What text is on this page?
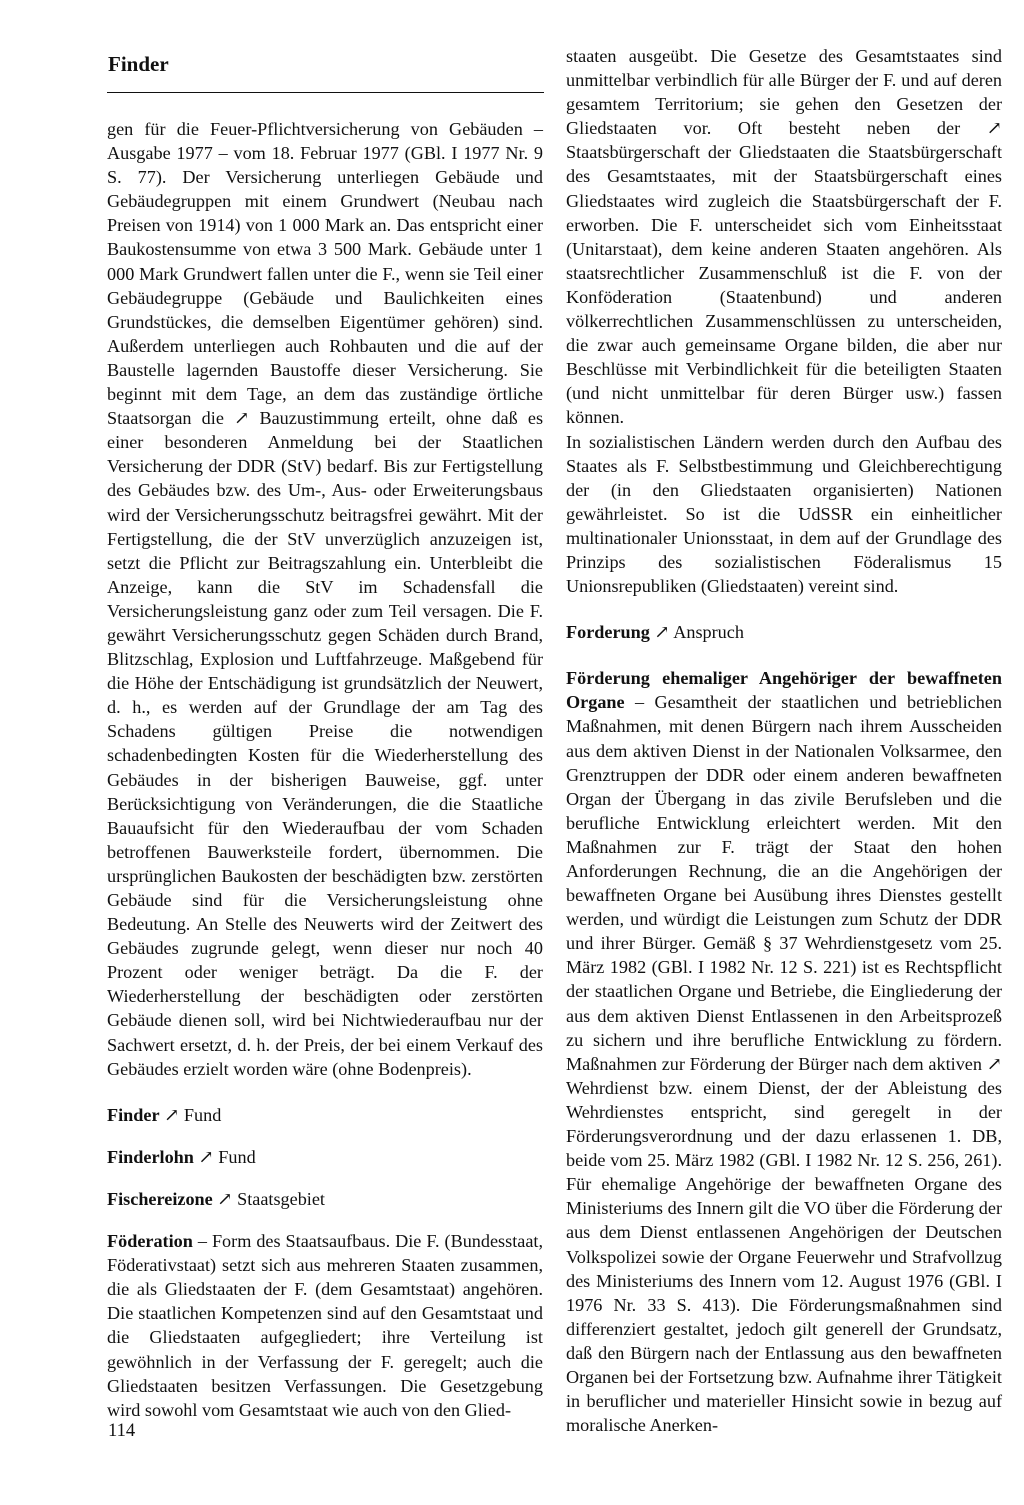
Finder

gen für die Feuer-Pflichtversicherung von Gebäuden – Ausgabe 1977 – vom 18. Februar 1977 (GBl. I 1977 Nr. 9 S. 77). Der Versicherung unterliegen Gebäude und Gebäudegruppen mit einem Grundwert (Neubau nach Preisen von 1914) von 1 000 Mark an. Das entspricht einer Baukostensumme von etwa 3 500 Mark. Gebäude unter 1 000 Mark Grundwert fallen unter die F., wenn sie Teil einer Gebäudegruppe (Gebäude und Baulichkeiten eines Grundstückes, die demselben Eigentümer gehören) sind. Außerdem unterliegen auch Rohbauten und die auf der Baustelle lagernden Baustoffe dieser Versicherung. Sie beginnt mit dem Tage, an dem das zuständige örtliche Staatsorgan die ↗ Bauzustimmung erteilt, ohne daß es einer besonderen Anmeldung bei der Staatlichen Versicherung der DDR (StV) bedarf. Bis zur Fertigstellung des Gebäudes bzw. des Um-, Aus- oder Erweiterungsbaus wird der Versicherungsschutz beitragsfrei gewährt. Mit der Fertigstellung, die der StV unverzüglich anzuzeigen ist, setzt die Pflicht zur Beitragszahlung ein. Unterbleibt die Anzeige, kann die StV im Schadensfall die Versicherungsleistung ganz oder zum Teil versagen. Die F. gewährt Versicherungsschutz gegen Schäden durch Brand, Blitzschlag, Explosion und Luftfahrzeuge. Maßgebend für die Höhe der Entschädigung ist grundsätzlich der Neuwert, d. h., es werden auf der Grundlage der am Tag des Schadens gültigen Preise die notwendigen schadenbedingten Kosten für die Wiederherstellung des Gebäudes in der bisherigen Bauweise, ggf. unter Berücksichtigung von Veränderungen, die die Staatliche Bauaufsicht für den Wiederaufbau der vom Schaden betroffenen Bauwerksteile fordert, übernommen. Die ursprünglichen Baukosten der beschädigten bzw. zerstörten Gebäude sind für die Versicherungsleistung ohne Bedeutung. An Stelle des Neuwerts wird der Zeitwert des Gebäudes zugrunde gelegt, wenn dieser nur noch 40 Prozent oder weniger beträgt. Da die F. der Wiederherstellung der beschädigten oder zerstörten Gebäude dienen soll, wird bei Nichtwiederaufbau nur der Sachwert ersetzt, d. h. der Preis, der bei einem Verkauf des Gebäudes erzielt worden wäre (ohne Bodenpreis).

Finder ↗ Fund

Finderlohn ↗ Fund

Fischereizone ↗ Staatsgebiet

Föderation – Form des Staatsaufbaus. Die F. (Bundesstaat, Föderativstaat) setzt sich aus mehreren Staaten zusammen, die als Gliedstaaten der F. (dem Gesamtstaat) angehören. Die staatlichen Kompetenzen sind auf den Gesamtstaat und die Gliedstaaten aufgegliedert; ihre Verteilung ist gewöhnlich in der Verfassung der F. geregelt; auch die Gliedstaaten besitzen Verfassungen. Die Gesetzgebung wird sowohl vom Gesamtstaat wie auch von den Glied-

staaten ausgeübt. Die Gesetze des Gesamtstaates sind unmittelbar verbindlich für alle Bürger der F. und auf deren gesamtem Territorium; sie gehen den Gesetzen der Gliedstaaten vor. Oft besteht neben der ↗ Staatsbürgerschaft der Gliedstaaten die Staatsbürgerschaft des Gesamtstaates, mit der Staatsbürgerschaft eines Gliedstaates wird zugleich die Staatsbürgerschaft der F. erworben. Die F. unterscheidet sich vom Einheitsstaat (Unitarstaat), dem keine anderen Staaten angehören. Als staatsrechtlicher Zusammenschluß ist die F. von der Konföderation (Staatenbund) und anderen völkerrechtlichen Zusammenschlüssen zu unterscheiden, die zwar auch gemeinsame Organe bilden, die aber nur Beschlüsse mit Verbindlichkeit für die beteiligten Staaten (und nicht unmittelbar für deren Bürger usw.) fassen können.

In sozialistischen Ländern werden durch den Aufbau des Staates als F. Selbstbestimmung und Gleichberechtigung der (in den Gliedstaaten organisierten) Nationen gewährleistet. So ist die UdSSR ein einheitlicher multinationaler Unionsstaat, in dem auf der Grundlage des Prinzips des sozialistischen Föderalismus 15 Unionsrepubliken (Gliedstaaten) vereint sind.

Forderung ↗ Anspruch

Förderung ehemaliger Angehöriger der bewaffneten Organe – Gesamtheit der staatlichen und betrieblichen Maßnahmen, mit denen Bürgern nach ihrem Ausscheiden aus dem aktiven Dienst in der Nationalen Volksarmee, den Grenztruppen der DDR oder einem anderen bewaffneten Organ der Übergang in das zivile Berufsleben und die berufliche Entwicklung erleichtert werden. Mit den Maßnahmen zur F. trägt der Staat den hohen Anforderungen Rechnung, die an die Angehörigen der bewaffneten Organe bei Ausübung ihres Dienstes gestellt werden, und würdigt die Leistungen zum Schutz der DDR und ihrer Bürger. Gemäß § 37 Wehrdienstgesetz vom 25. März 1982 (GBl. I 1982 Nr. 12 S. 221) ist es Rechtspflicht der staatlichen Organe und Betriebe, die Eingliederung der aus dem aktiven Dienst Entlassenen in den Arbeitsprozeß zu sichern und ihre berufliche Entwicklung zu fördern. Maßnahmen zur Förderung der Bürger nach dem aktiven ↗ Wehrdienst bzw. einem Dienst, der der Ableistung des Wehrdienstes entspricht, sind geregelt in der Förderungsverordnung und der dazu erlassenen 1. DB, beide vom 25. März 1982 (GBl. I 1982 Nr. 12 S. 256, 261). Für ehemalige Angehörige der bewaffneten Organe des Ministeriums des Innern gilt die VO über die Förderung der aus dem Dienst entlassenen Angehörigen der Deutschen Volkspolizei sowie der Organe Feuerwehr und Strafvollzug des Ministeriums des Innern vom 12. August 1976 (GBl. I 1976 Nr. 33 S. 413). Die Förderungsmaßnahmen sind differenziert gestaltet, jedoch gilt generell der Grundsatz, daß den Bürgern nach der Entlassung aus den bewaffneten Organen bei der Fortsetzung bzw. Aufnahme ihrer Tätigkeit in beruflicher und materieller Hinsicht sowie in bezug auf moralische Anerken-

114
